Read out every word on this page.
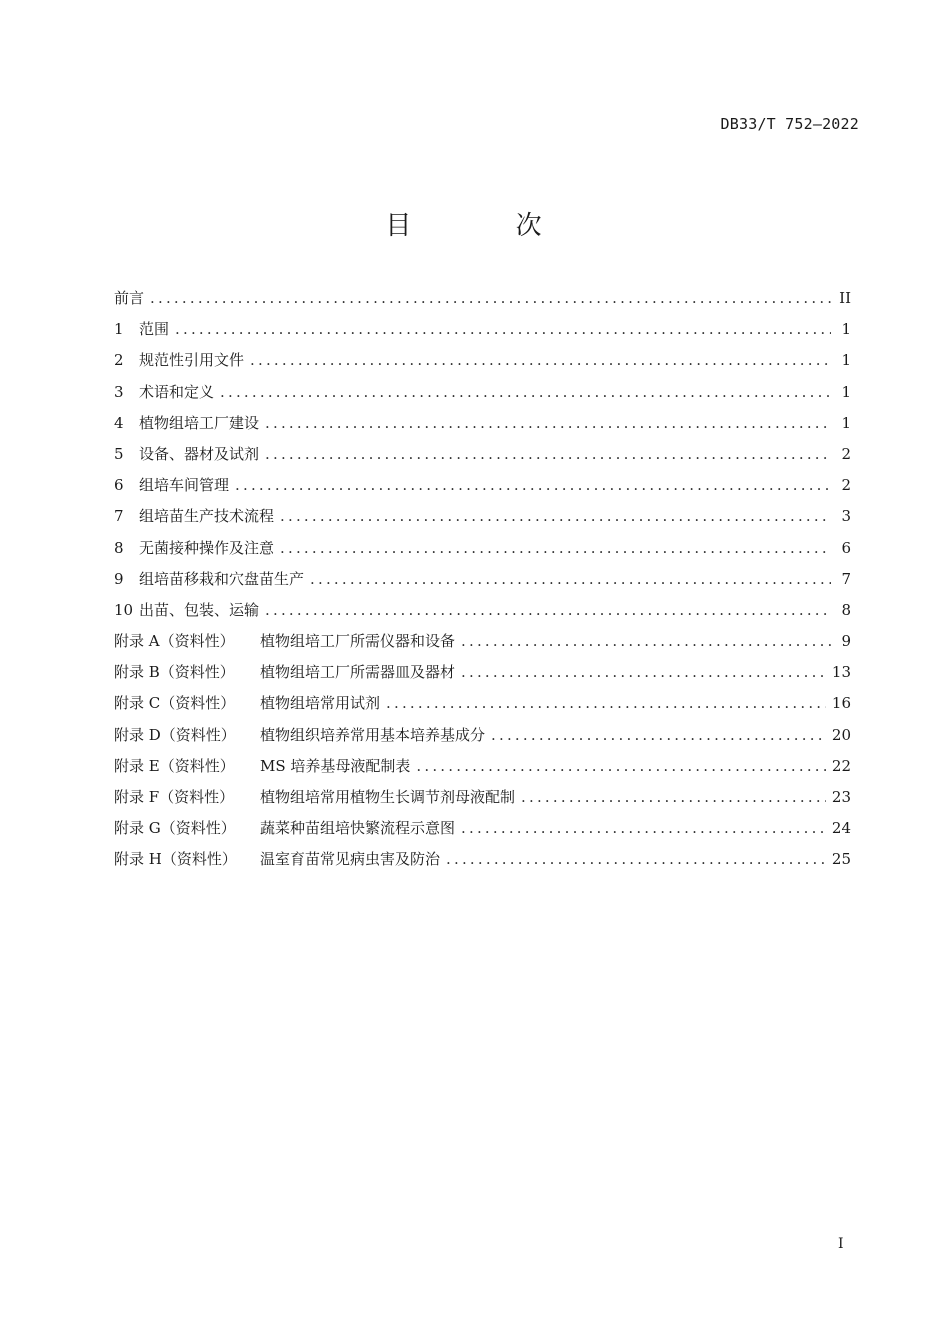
DB33/T 752—2022
目 次
前言 .....	II
1	范围 .....	1
2	规范性引用文件 .....	1
3	术语和定义 .....	1
4	植物组培工厂建设 .....	1
5	设备、器材及试剂 .....	2
6	组培车间管理 .....	2
7	组培苗生产技术流程 .....	3
8	无菌接种操作及注意 .....	6
9	组培苗移栽和穴盘苗生产 .....	7
10 出苗、包装、运输 .....	8
附录 A（资料性）	植物组培工厂所需仪器和设备 .....	9
附录 B（资料性）	植物组培工厂所需器皿及器材 .....	13
附录 C（资料性）	植物组培常用试剂 .....	16
附录 D（资料性）	植物组织培养常用基本培养基成分 .....	20
附录 E（资料性）	MS 培养基母液配制表 .....	22
附录 F（资料性）	植物组培常用植物生长调节剂母液配制 .....	23
附录 G（资料性）	蔬菜种苗组培快繁流程示意图 .....	24
附录 H（资料性）	温室育苗常见病虫害及防治 .....	25
I
